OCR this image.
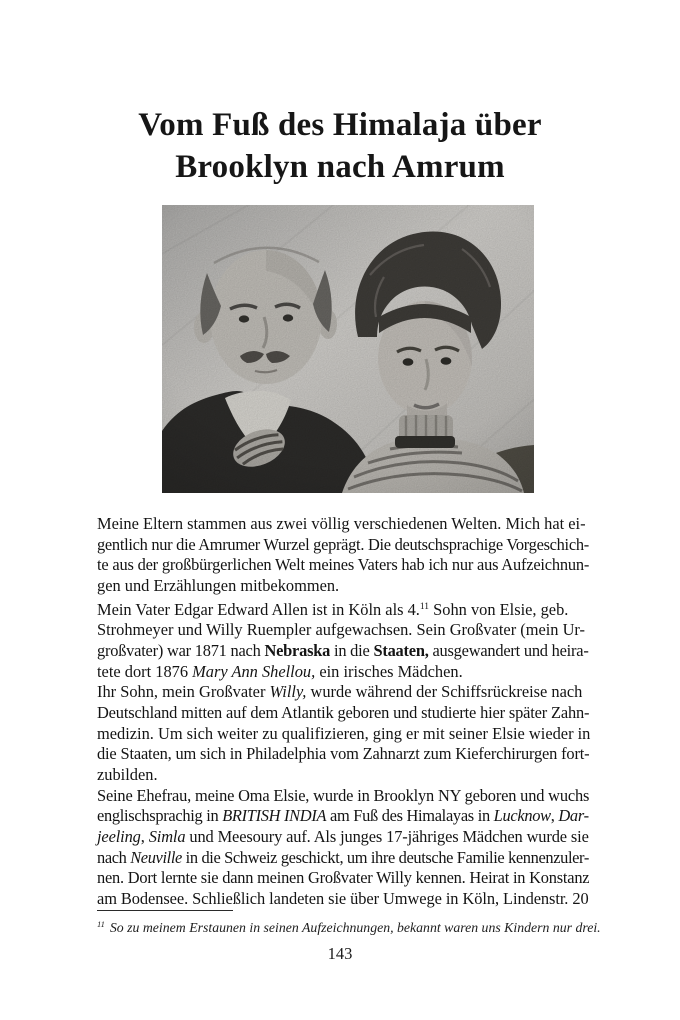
Vom Fuß des Himalaja über
Brooklyn nach Amrum
Meine Eltern stammen aus zwei völlig verschiedenen Welten. Mich hat ei-
gentlich nur die Amrumer Wurzel geprägt. Die deutschsprachige Vorgeschich-
te aus der großbürgerlichen Welt meines Vaters hab ich nur aus Aufzeichnun-
gen und Erzählungen mitbekommen.
Mein Vater Edgar Edward Allen ist in Köln als 4.11 Sohn von Elsie, geb.
Strohmeyer und Willy Ruempler aufgewachsen. Sein Großvater (mein Ur-
großvater) war 1871 nach Nebraska in die Staaten, ausgewandert und heira-
tete dort 1876 Mary Ann Shellou, ein irisches Mädchen.
Ihr Sohn, mein Großvater Willy, wurde während der Schiffsrückreise nach
Deutschland mitten auf dem Atlantik geboren und studierte hier später Zahn-
medizin. Um sich weiter zu qualifizieren, ging er mit seiner Elsie wieder in
die Staaten, um sich in Philadelphia vom Zahnarzt zum Kieferchirurgen fort-
zubilden.
Seine Ehefrau, meine Oma Elsie, wurde in Brooklyn NY geboren und wuchs
englischsprachig in BRITISH INDIA am Fuß des Himalayas in Lucknow, Dar-
jeeling, Simla und Meesoury auf. Als junges 17-jähriges Mädchen wurde sie
nach Neuville in die Schweiz geschickt, um ihre deutsche Familie kennenzuler-
nen. Dort lernte sie dann meinen Großvater Willy kennen. Heirat in Konstanz
am Bodensee. Schließlich landeten sie über Umwege in Köln, Lindenstr. 20
$^{11}$ So zu meinem Erstaunen in seinen Aufzeichnungen, bekannt waren uns Kindern nur drei.
143
